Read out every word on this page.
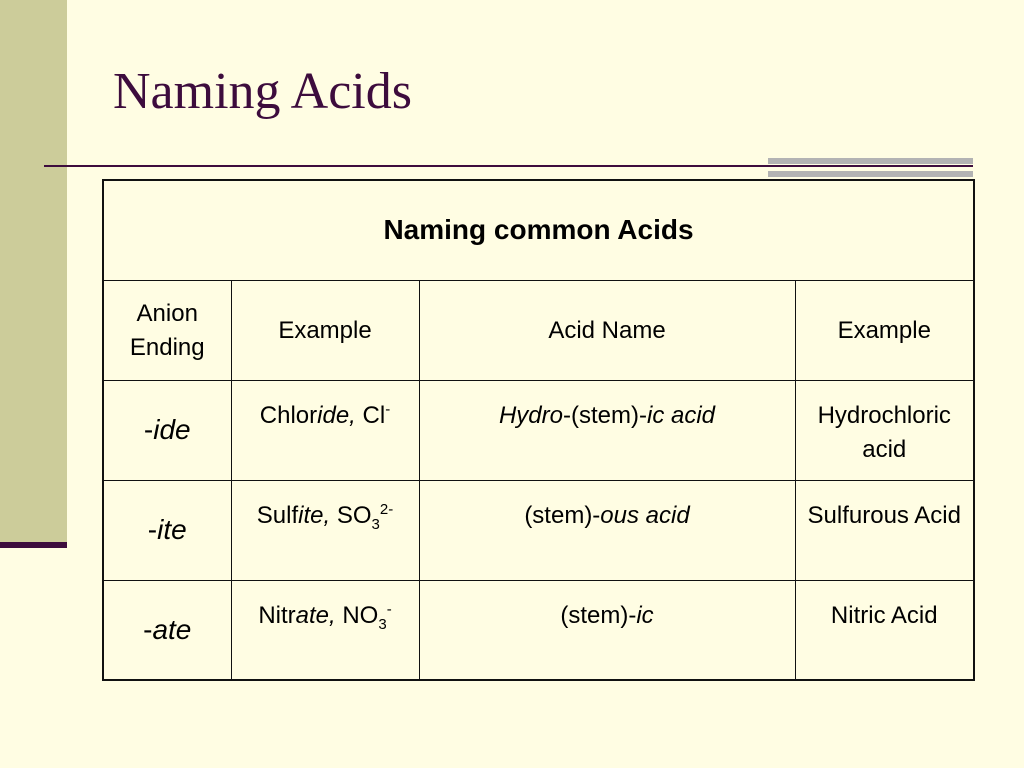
Naming Acids
Naming common Acids			
Anion Ending	Example	Acid Name	Example
-ide	Chloride, Cl-	Hydro-(stem)-ic acid	Hydrochloric acid
-ite	Sulfite, $SO_3^{2-}$	(stem)-ous acid	Sulfurous Acid
-ate	Nitrate, $NO_3^-$	(stem)-ic	Nitric Acid
